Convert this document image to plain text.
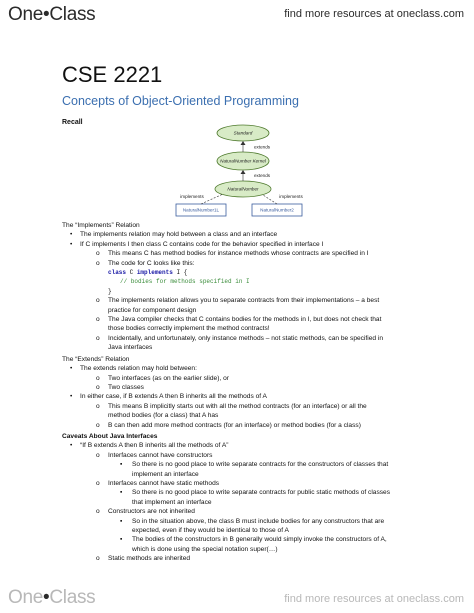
One•Class	find more resources at oneclass.com
CSE 2221
Concepts of Object-Oriented Programming
Recall
Standard
NaturalNumber Kernel
NaturalNumber
NaturalNumber1L	NaturalNumber2
extends
extends
implements	implements
The “Implements” Relation
• The implements relation may hold between a class and an interface
• If C implements I then class C contains code for the behavior specified in interface I
o This means C has method bodies for instance methods whose contracts are specified in I
o The code for C looks like this:
class C implements I {
// bodies for methods specified in I
}
o The implements relation allows you to separate contracts from their implementations – a best
practice for component design
o The Java compiler checks that C contains bodies for the methods in I, but does not check that
those bodies correctly implement the method contracts!
o Incidentally, and unfortunately, only instance methods – not static methods, can be specified in
Java interfaces
The “Extends” Relation
• The extends relation may hold between:
o Two interfaces (as on the earlier slide), or
o Two classes
• In either case, if B extends A then B inherits all the methods of A
o This means B implicitly starts out with all the method contracts (for an interface) or all the
method bodies (for a class) that A has
o B can then add more method contracts (for an interface) or method bodies (for a class)
Caveats About Java Interfaces
• “If B extends A then B inherits all the methods of A”
o Interfaces cannot have constructors
▪ So there is no good place to write separate contracts for the constructors of classes that
implement an interface
o Interfaces cannot have static methods
▪ So there is no good place to write separate contracts for public static methods of classes
that implement an interface
o Constructors are not inherited
▪ So in the situation above, the class B must include bodies for any constructors that are
expected, even if they would be identical to those of A
▪ The bodies of the constructors in B generally would simply invoke the constructors of A,
which is done using the special notation super(…)
o Static methods are inherited
One•Class	find more resources at oneclass.com
